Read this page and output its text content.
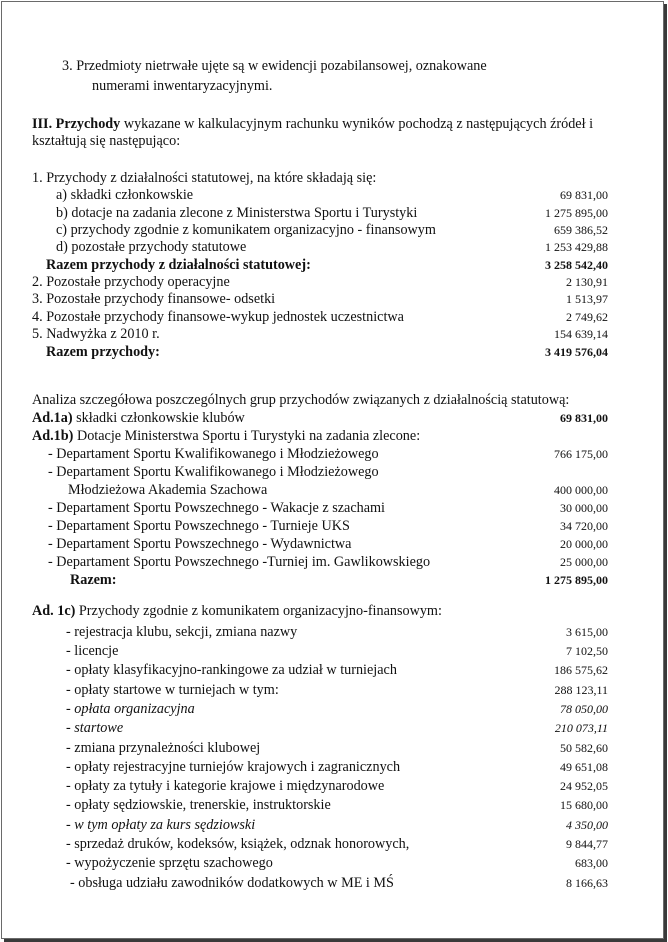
3. Przedmioty nietrwałe ujęte są w ewidencji pozabilansowej, oznakowane
numerami inwentaryzacyjnymi.
III. Przychody wykazane w kalkulacyjnym rachunku wyników pochodzą z następujących źródeł i
kształtują się następująco:
1. Przychody z działalności statutowej, na które składają się:
a) składki członkowskie	69 831,00
b) dotacje na zadania zlecone z Ministerstwa Sportu i Turystyki	1 275 895,00
c) przychody zgodnie z komunikatem organizacyjno - finansowym	659 386,52
d) pozostałe przychody statutowe	1 253 429,88
Razem przychody z działalności statutowej:	3 258 542,40
2. Pozostałe przychody operacyjne	2 130,91
3. Pozostałe przychody finansowe- odsetki	1 513,97
4. Pozostałe przychody finansowe-wykup jednostek uczestnictwa	2 749,62
5. Nadwyżka z 2010 r.	154 639,14
Razem przychody:	3 419 576,04
Analiza szczegółowa poszczególnych grup przychodów związanych z działalnością statutową:
Ad.1a) składki członkowskie klubów	69 831,00
Ad.1b) Dotacje Ministerstwa Sportu i Turystyki na zadania zlecone:
- Departament Sportu Kwalifikowanego i Młodzieżowego	766 175,00
- Departament Sportu Kwalifikowanego i Młodzieżowego
Młodzieżowa Akademia Szachowa	400 000,00
- Departament Sportu Powszechnego - Wakacje z szachami	30 000,00
- Departament Sportu Powszechnego - Turnieje UKS	34 720,00
- Departament Sportu Powszechnego - Wydawnictwa	20 000,00
- Departament Sportu Powszechnego -Turniej im. Gawlikowskiego	25 000,00
Razem:	1 275 895,00
Ad. 1c) Przychody zgodnie z komunikatem organizacyjno-finansowym:
- rejestracja klubu, sekcji, zmiana nazwy	3 615,00
- licencje	7 102,50
- opłaty klasyfikacyjno-rankingowe za udział w turniejach	186 575,62
- opłaty startowe w turniejach w tym:	288 123,11
- opłata organizacyjna	78 050,00
- startowe	210 073,11
- zmiana przynależności klubowej	50 582,60
- opłaty rejestracyjne turniejów krajowych i zagranicznych	49 651,08
- opłaty za tytuły i kategorie krajowe i międzynarodowe	24 952,05
- opłaty sędziowskie, trenerskie, instruktorskie	15 680,00
- w tym opłaty za kurs sędziowski	4 350,00
- sprzedaż druków, kodeksów, książek, odznak honorowych,	9 844,77
- wypożyczenie sprzętu szachowego	683,00
- obsługa udziału zawodników dodatkowych w ME i MŚ	8 166,63
